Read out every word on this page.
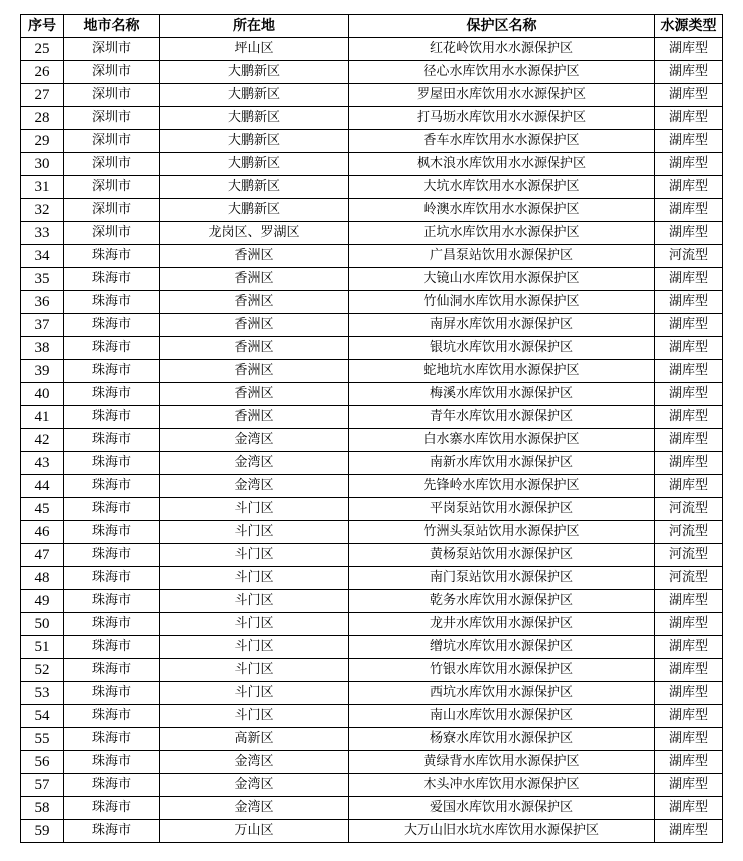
序号	地市名称	所在地	保护区名称	水源类型
25	深圳市	坪山区	红花岭饮用水水源保护区	湖库型
26	深圳市	大鹏新区	径心水库饮用水水源保护区	湖库型
27	深圳市	大鹏新区	罗屋田水库饮用水水源保护区	湖库型
28	深圳市	大鹏新区	打马坜水库饮用水水源保护区	湖库型
29	深圳市	大鹏新区	香车水库饮用水水源保护区	湖库型
30	深圳市	大鹏新区	枫木浪水库饮用水水源保护区	湖库型
31	深圳市	大鹏新区	大坑水库饮用水水源保护区	湖库型
32	深圳市	大鹏新区	岭澳水库饮用水水源保护区	湖库型
33	深圳市	龙岗区、罗湖区	正坑水库饮用水水源保护区	湖库型
34	珠海市	香洲区	广昌泵站饮用水源保护区	河流型
35	珠海市	香洲区	大镜山水库饮用水源保护区	湖库型
36	珠海市	香洲区	竹仙洞水库饮用水源保护区	湖库型
37	珠海市	香洲区	南屏水库饮用水源保护区	湖库型
38	珠海市	香洲区	银坑水库饮用水源保护区	湖库型
39	珠海市	香洲区	蛇地坑水库饮用水源保护区	湖库型
40	珠海市	香洲区	梅溪水库饮用水源保护区	湖库型
41	珠海市	香洲区	青年水库饮用水源保护区	湖库型
42	珠海市	金湾区	白水寨水库饮用水源保护区	湖库型
43	珠海市	金湾区	南新水库饮用水源保护区	湖库型
44	珠海市	金湾区	先锋岭水库饮用水源保护区	湖库型
45	珠海市	斗门区	平岗泵站饮用水源保护区	河流型
46	珠海市	斗门区	竹洲头泵站饮用水源保护区	河流型
47	珠海市	斗门区	黄杨泵站饮用水源保护区	河流型
48	珠海市	斗门区	南门泵站饮用水源保护区	河流型
49	珠海市	斗门区	乾务水库饮用水源保护区	湖库型
50	珠海市	斗门区	龙井水库饮用水源保护区	湖库型
51	珠海市	斗门区	缯坑水库饮用水源保护区	湖库型
52	珠海市	斗门区	竹银水库饮用水源保护区	湖库型
53	珠海市	斗门区	西坑水库饮用水源保护区	湖库型
54	珠海市	斗门区	南山水库饮用水源保护区	湖库型
55	珠海市	高新区	杨寮水库饮用水源保护区	湖库型
56	珠海市	金湾区	黄绿背水库饮用水源保护区	湖库型
57	珠海市	金湾区	木头冲水库饮用水源保护区	湖库型
58	珠海市	金湾区	爱国水库饮用水源保护区	湖库型
59	珠海市	万山区	大万山旧水坑水库饮用水源保护区	湖库型
